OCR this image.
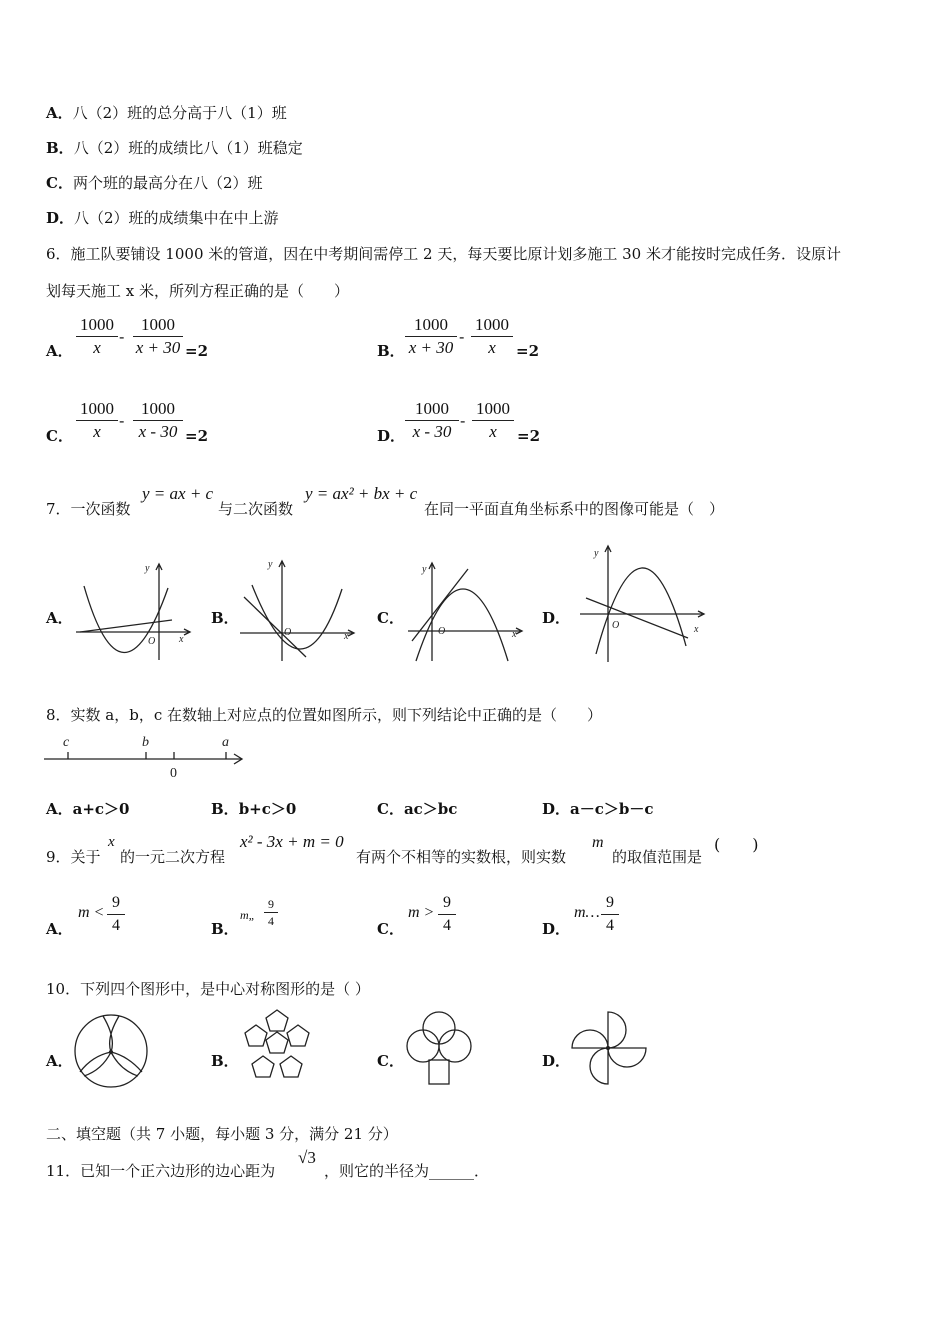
A．八（2）班的总分高于八（1）班
B．八（2）班的成绩比八（1）班稳定
C．两个班的最高分在八（2）班
D．八（2）班的成绩集中在中上游
6．施工队要铺设 1000 米的管道，因在中考期间需停工 2 天，每天要比原计划多施工 30 米才能按时完成任务．设原计
划每天施工 x 米，所列方程正确的是（　　）
A． $\frac{1000}{x} - \frac{1000}{x + 30} =2$	B． $\frac{1000}{x + 30} - \frac{1000}{x} =2$
C． $\frac{1000}{x} - \frac{1000}{x - 30} =2$	D． $\frac{1000}{x - 30} - \frac{1000}{x} =2$
7．一次函数
y = ax + c
与二次函数
y = ax² + bx + c
在同一平面直角坐标系中的图像可能是（　）
A．	B．	C．	D．
y
x
O
y
x
O
y
x
O
y
x
O
8．实数 a，b，c 在数轴上对应点的位置如图所示，则下列结论中正确的是（　　）
c	b
0
a
A．a+c＞0	B．b+c＞0	C．ac＞bc	D．a－c＞b－c
9．关于
x
的一元二次方程
x² - 3x + m = 0
有两个不相等的实数根，则实数
m
的取值范围是
(　　)
A．
$m < \frac{9}{4}$	B．
m„ $\frac{9}{4}$	C．
$m > \frac{9}{4}$	D．
m… $\frac{9}{4}$
10．下列四个图形中，是中心对称图形的是（ ）
A．	B．	C．	D．
二、填空题（共 7 小题，每小题 3 分，满分 21 分）
11．已知一个正六边形的边心距为
√3
，则它的半径为______．
